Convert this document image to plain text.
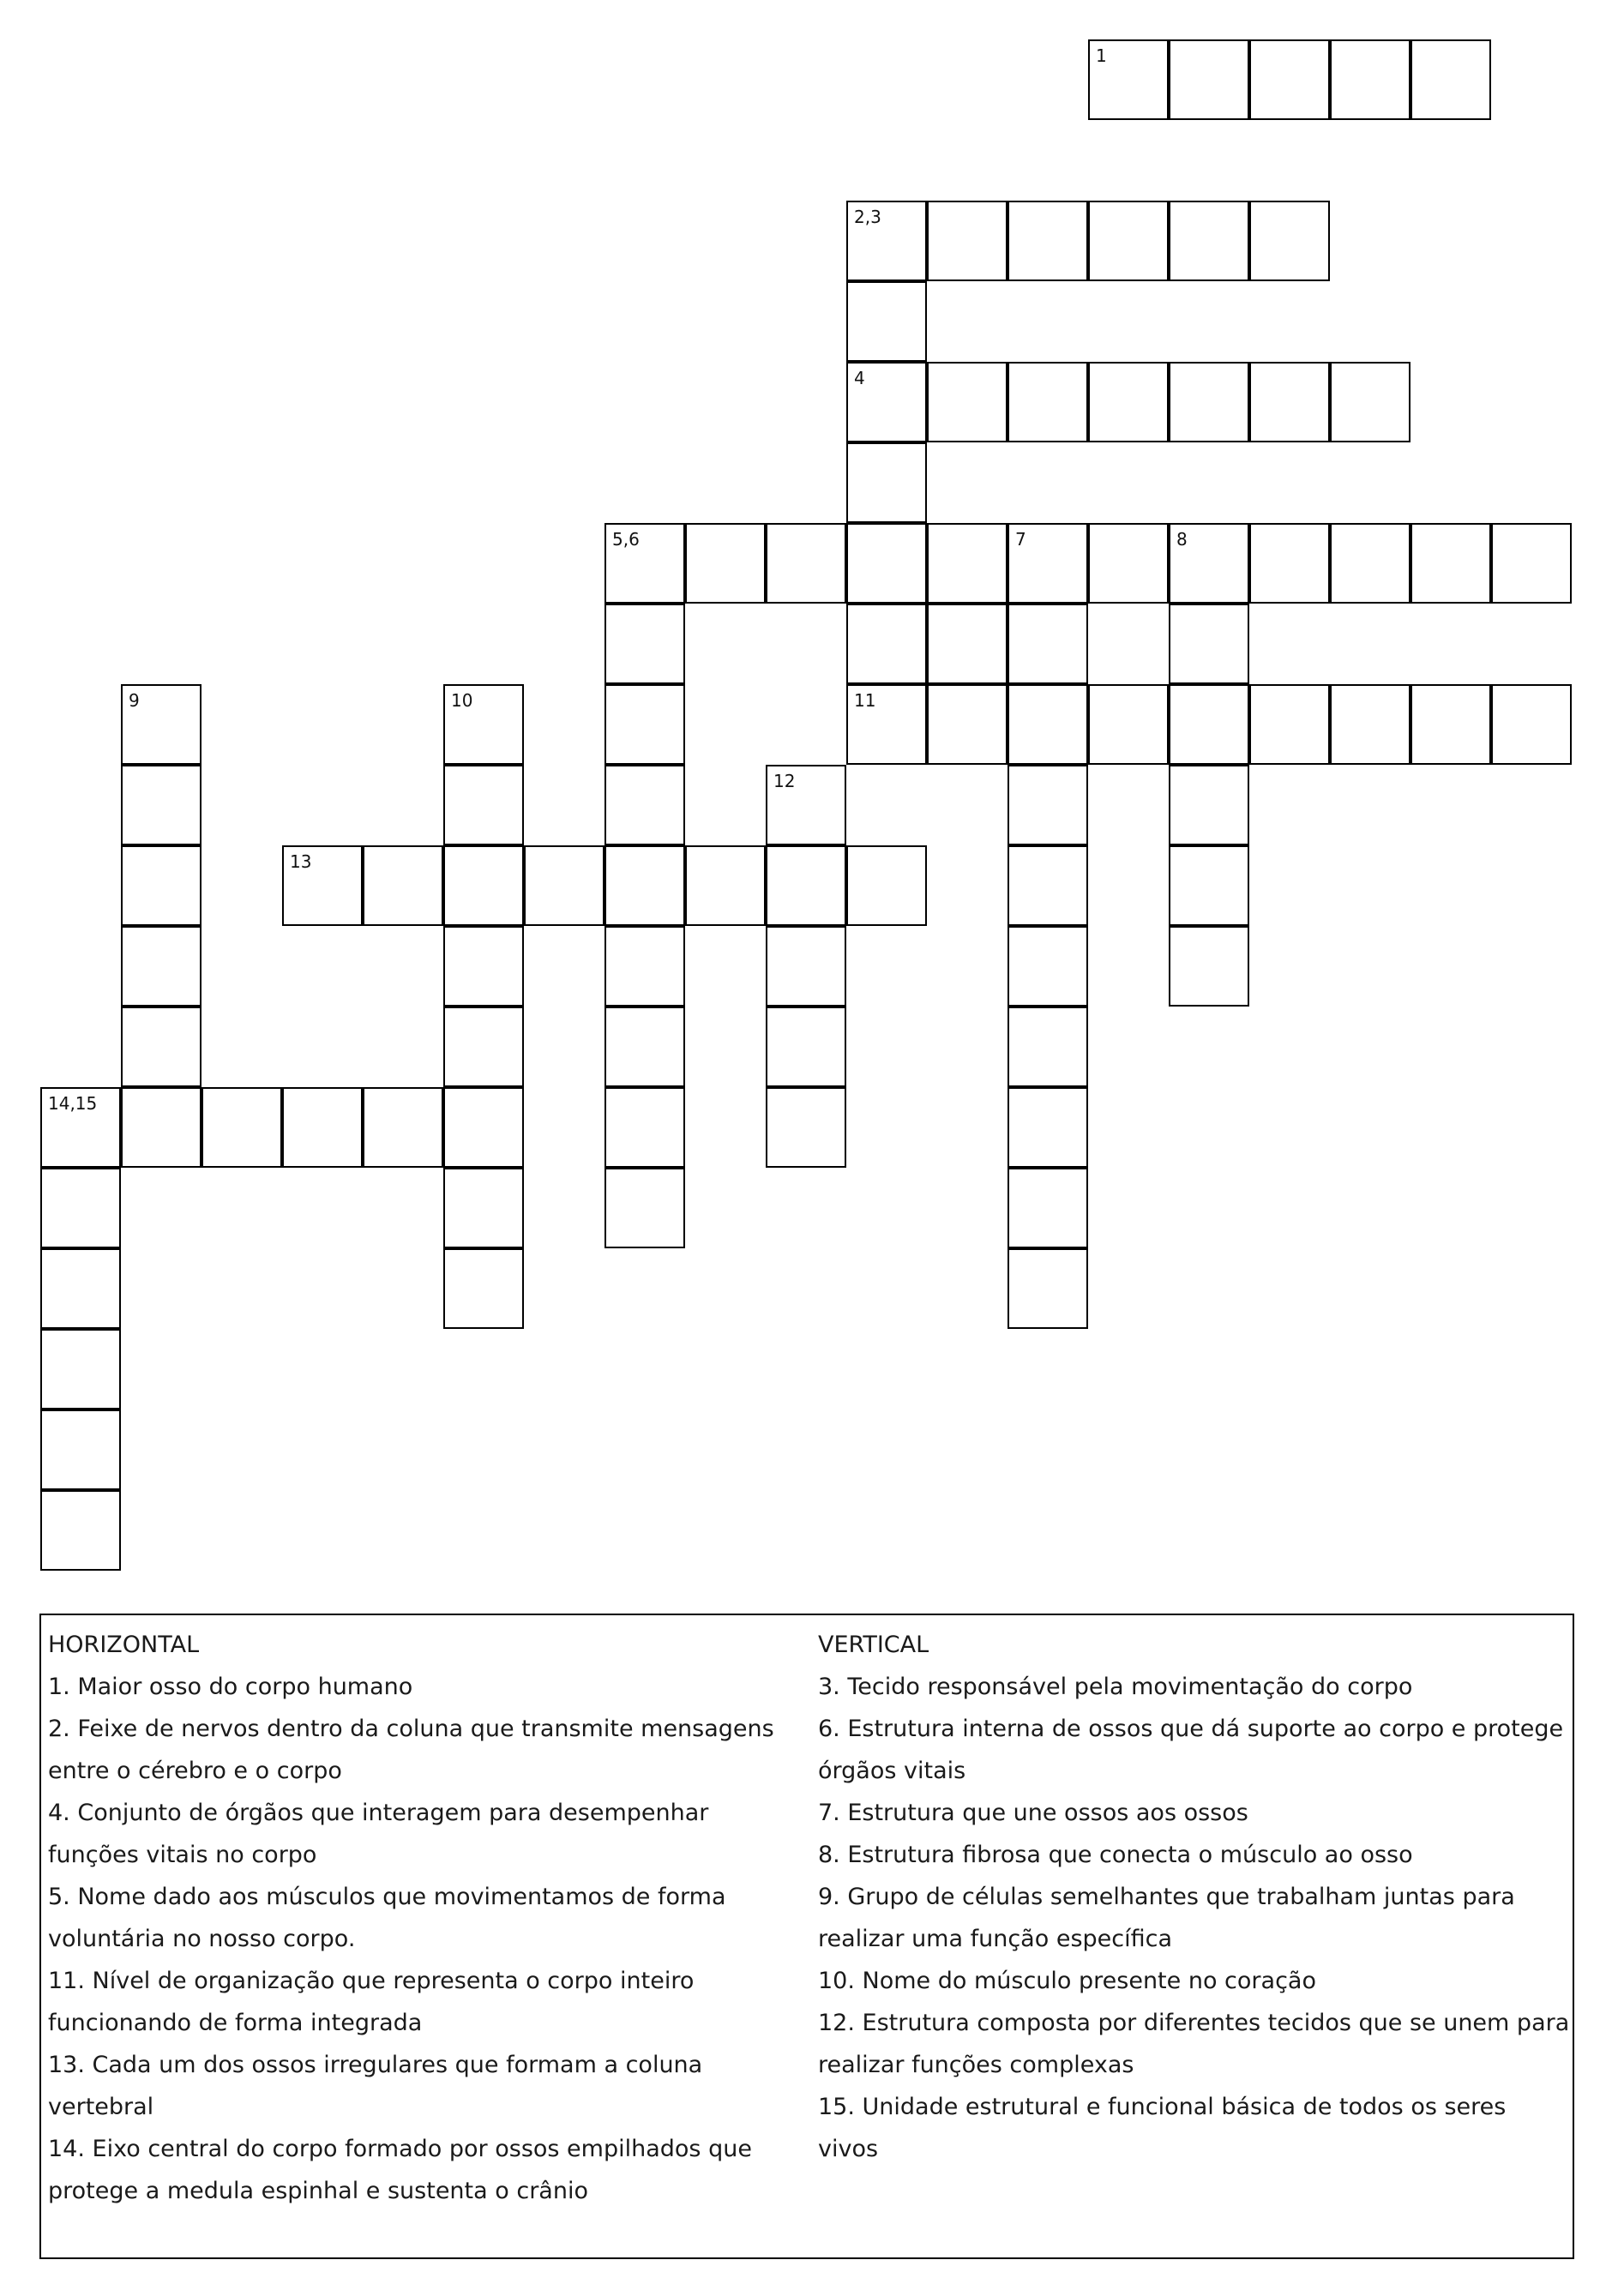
1
2,3
4
5,6	7	8
9	10	11
12
13
14,15
HORIZONTAL
1. Maior osso do corpo humano
2. Feixe de nervos dentro da coluna que transmite mensagens entre o cérebro e o corpo
4. Conjunto de órgãos que interagem para desempenhar funções vitais no corpo
5. Nome dado aos músculos que movimentamos de forma voluntária no nosso corpo.
11. Nível de organização que representa o corpo inteiro funcionando de forma integrada
13. Cada um dos ossos irregulares que formam a coluna vertebral
14. Eixo central do corpo formado por ossos empilhados que protege a medula espinhal e sustenta o crânio
VERTICAL
3. Tecido responsável pela movimentação do corpo
6. Estrutura interna de ossos que dá suporte ao corpo e protege órgãos vitais
7. Estrutura que une ossos aos ossos
8. Estrutura fibrosa que conecta o músculo ao osso
9. Grupo de células semelhantes que trabalham juntas para realizar uma função específica
10. Nome do músculo presente no coração
12. Estrutura composta por diferentes tecidos que se unem para realizar funções complexas
15. Unidade estrutural e funcional básica de todos os seres vivos
